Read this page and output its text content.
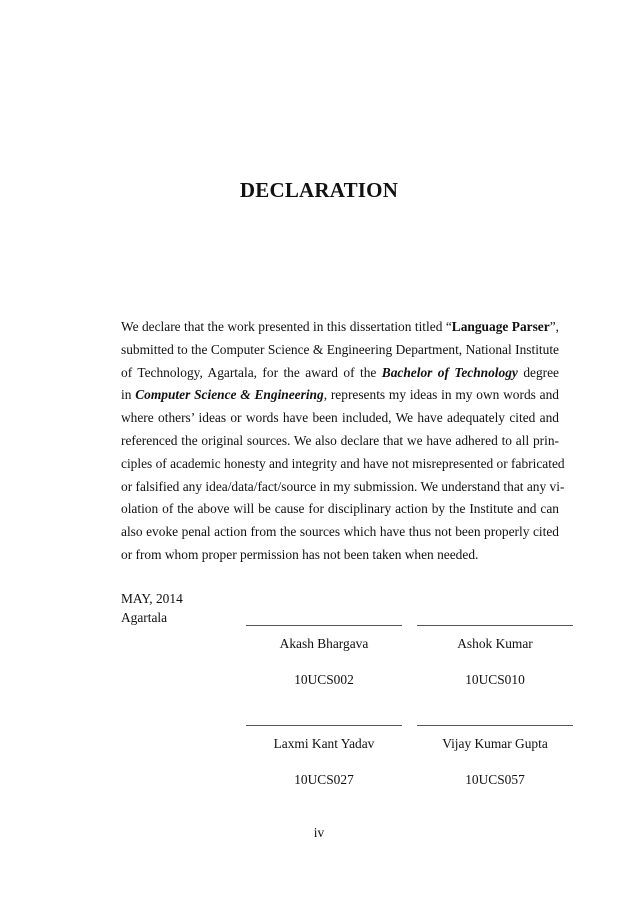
DECLARATION
We declare that the work presented in this dissertation titled “Language Parser”,
submitted to the Computer Science & Engineering Department, National Institute
of Technology, Agartala, for the award of the Bachelor of Technology degree
in Computer Science & Engineering, represents my ideas in my own words and
where others’ ideas or words have been included, We have adequately cited and
referenced the original sources. We also declare that we have adhered to all prin-
ciples of academic honesty and integrity and have not misrepresented or fabricated
or falsified any idea/data/fact/source in my submission. We understand that any vi-
olation of the above will be cause for disciplinary action by the Institute and can
also evoke penal action from the sources which have thus not been properly cited
or from whom proper permission has not been taken when needed.
MAY, 2014
Agartala
Akash Bhargava
10UCS002
Ashok Kumar
10UCS010
Laxmi Kant Yadav
10UCS027
Vijay Kumar Gupta
10UCS057
iv
